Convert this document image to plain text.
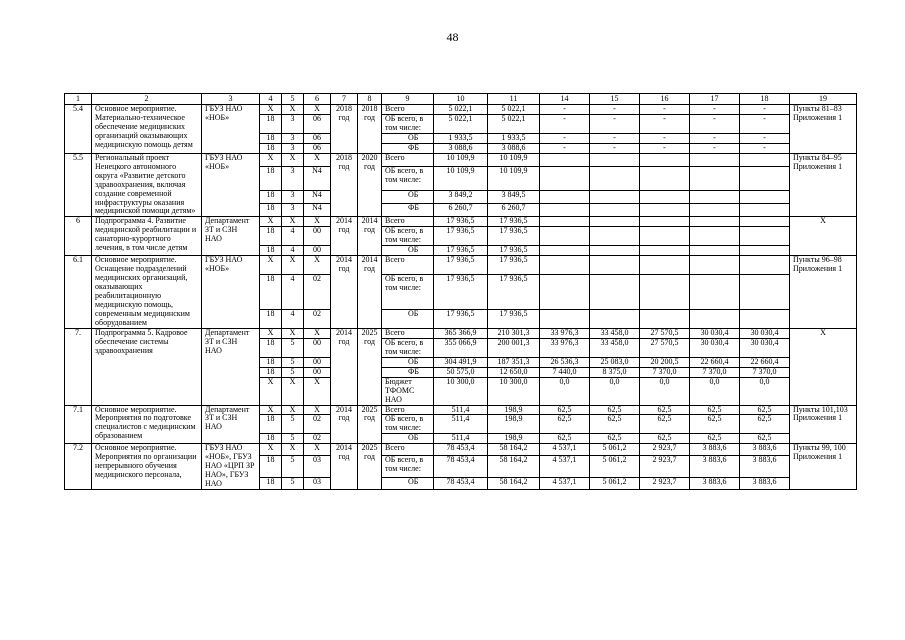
48
1	2	3	4	5	6	7	8	9	10	11	14	15	16	17	18	19
5.4	Основное мероприятие. Материально-техническое обеспечение медицинских организаций оказывающих медицинскую помощь детям	ГБУЗ НАО «НОБ»	Х	Х	Х	2018 год	2018 год	Всего	5 022,1	5 022,1	-	-	-	-	-	Пункты 81–83 Приложения 1
			18	3	06			ОБ всего, в том числе:	5 022,1	5 022,1	-	-	-	-	-	
			18	3	06			ОБ	1 933,5	1 933,5	-	-	-	-	-	
			18	3	06			ФБ	3 088,6	3 088,6	-	-	-	-	-	
5.5	Региональный проект Ненецкого автономного округа «Развитие детского здравоохранения, включая создание современной инфраструктуры оказания медицинской помощи детям»	ГБУЗ НАО «НОБ»	Х	Х	Х	2018 год	2020 год	Всего	10 109,9	10 109,9						Пункты 84–95 Приложения 1
			18	3	N4			ОБ всего, в том числе:	10 109,9	10 109,9						
			18	3	N4			ОБ	3 849,2	3 849,5						
			18	3	N4			ФБ	6 260,7	6 260,7						
6	Подпрограмма 4. Развитие медицинской реабилитации и санаторно-курортного лечения, в том числе детям	Департамент ЗТ и СЗН НАО	Х	Х	Х	2014 год	2014 год	Всего	17 936,5	17 936,5						Х
			18	4	00			ОБ всего, в том числе:	17 936,5	17 936,5						
			18	4	00			ОБ	17 936,5	17 936,5						
6.1	Основное мероприятие. Оснащение подразделений медицинских организаций, оказывающих реабилитационную медицинскую помощь, современным медицинским оборудованием	ГБУЗ НАО «НОБ»	Х	Х	Х	2014 год	2014 год	Всего	17 936,5	17 936,5						Пункты 96–98 Приложения 1
			18	4	02			ОБ всего, в том числе:	17 936,5	17 936,5						
			18	4	02			ОБ	17 936,5	17 936,5						
7.	Подпрограмма 5. Кадровое обеспечение системы здравоохранения	Департамент ЗТ и СЗН НАО	Х	Х	Х	2014 год	2025 год	Всего	365 366,9	210 301,3	33 976,3	33 458,0	27 570,5	30 030,4	30 030,4	Х
			18	5	00			ОБ всего, в том числе:	355 066,9	200 001,3	33 976,3	33 458,0	27 570,5	30 030,4	30 030,4	
			18	5	00			ОБ	304 491,9	187 351,3	26 536,3	25 083,0	20 200,5	22 660,4	22 660,4	
			18	5	00			ФБ	50 575,0	12 650,0	7 440,0	8 375,0	7 370,0	7 370,0	7 370,0	
			Х	Х	Х			Бюджет ТФОМС НАО	10 300,0	10 300,0	0,0	0,0	0,0	0,0	0,0	
7.1	Основное мероприятие. Мероприятия по подготовке специалистов с медицинским образованием	Департамент ЗТ и СЗН НАО	Х	Х	Х	2014 год	2025 год	Всего	511,4	198,9	62,5	62,5	62,5	62,5	62,5	Пункты 101,103 Приложения 1
			18	5	02			ОБ всего, в том числе:	511,4	198,9	62,5	62,5	62,5	62,5	62,5	
			18	5	02			ОБ	511,4	198,9	62,5	62,5	62,5	62,5	62,5	
7.2	Основное мероприятие. Мероприятия по организации непрерывного обучения медицинского персонала,	ГБУЗ НАО «НОБ», ГБУЗ НАО «ЦРП ЗР НАО», ГБУЗ НАО	Х	Х	Х	2014 год	2025 год	Всего	78 453,4	58 164,2	4 537,1	5 061,2	2 923,7	3 883,6	3 883,6	Пункты 99, 100 Приложения 1
			18	5	03			ОБ всего, в том числе:	78 453,4	58 164,2	4 537,1	5 061,2	2 923,7	3 883,6	3 883,6	
			18	5	03			ОБ	78 453,4	58 164,2	4 537,1	5 061,2	2 923,7	3 883,6	3 883,6	
